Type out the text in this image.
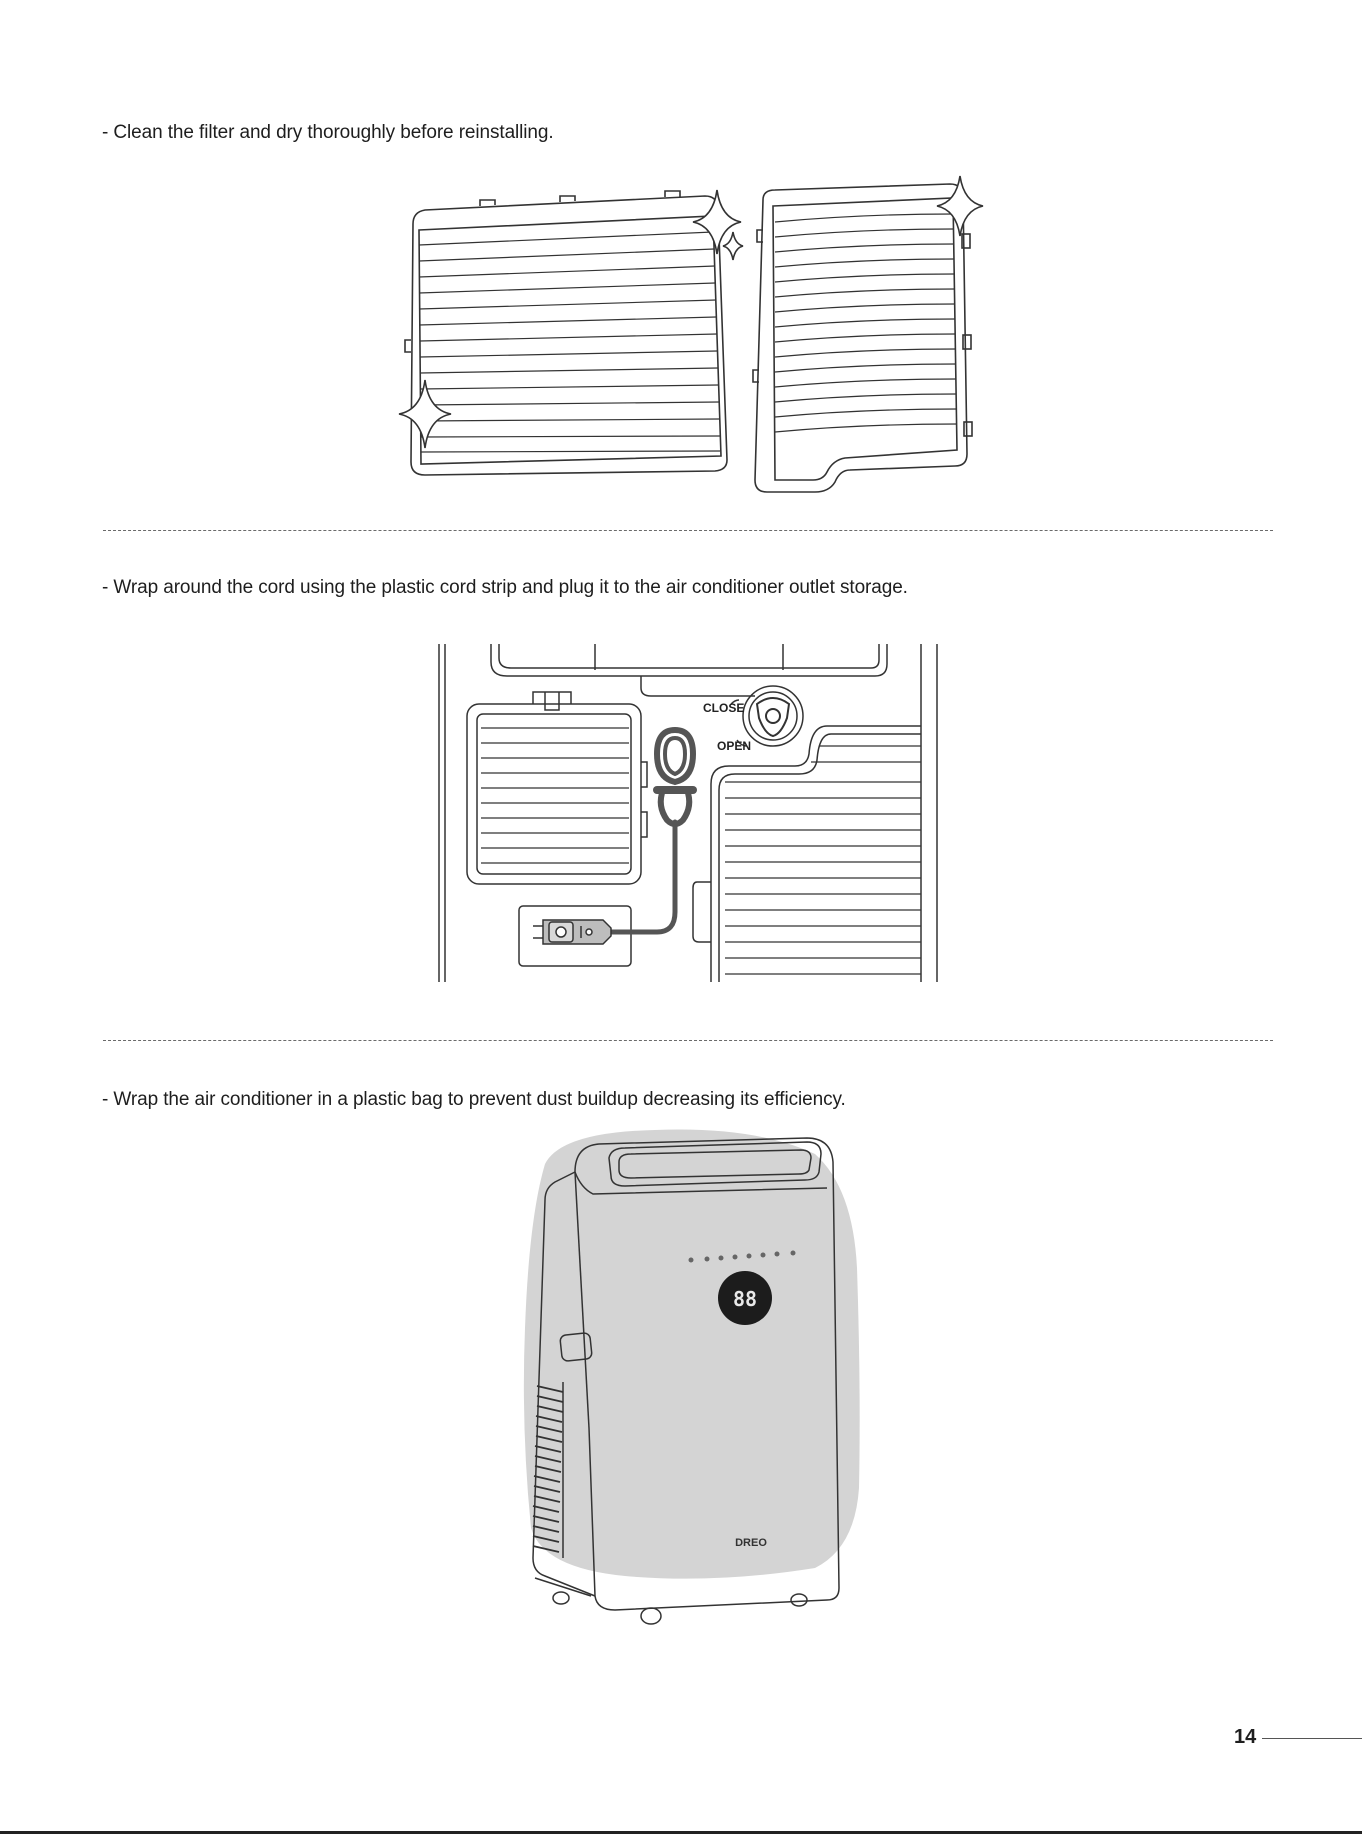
- Clean the filter and dry thoroughly before reinstalling.

- Wrap around the cord using the plastic cord strip and plug it to the air conditioner outlet storage.

CLOSE
OPEN

- Wrap the air conditioner in a plastic bag to prevent dust buildup decreasing its efficiency.

88
DREO
14
